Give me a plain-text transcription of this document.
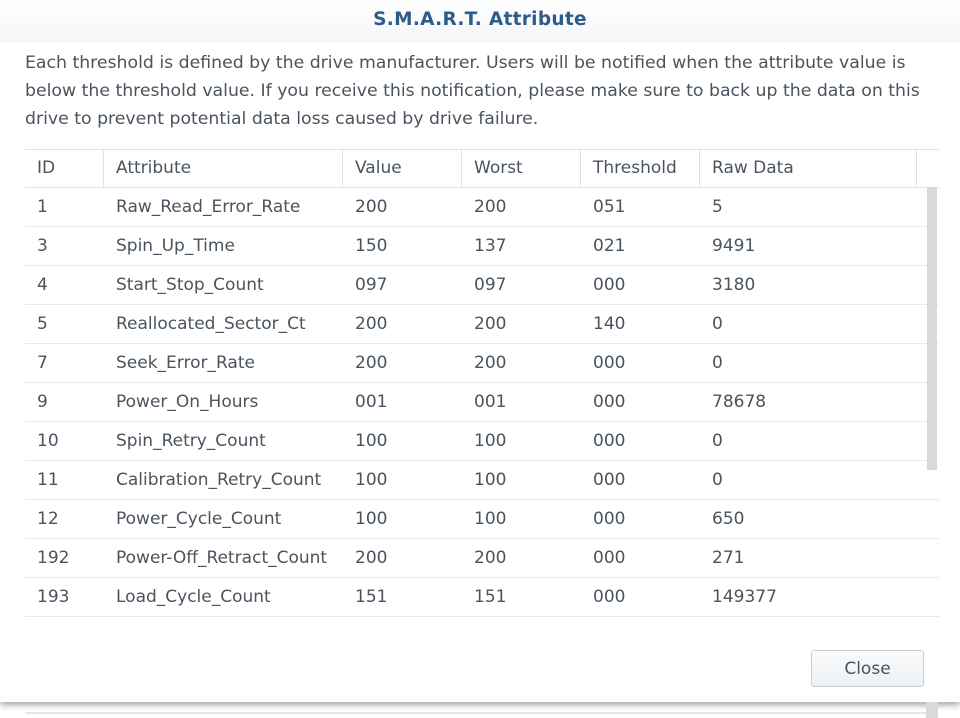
S.M.A.R.T. Attribute
Each threshold is defined by the drive manufacturer. Users will be notified when the attribute value is below the threshold value. If you receive this notification, please make sure to back up the data on this drive to prevent potential data loss caused by drive failure.
ID	Attribute	Value	Worst	Threshold	Raw Data
1	Raw_Read_Error_Rate	200	200	051	5
3	Spin_Up_Time	150	137	021	9491
4	Start_Stop_Count	097	097	000	3180
5	Reallocated_Sector_Ct	200	200	140	0
7	Seek_Error_Rate	200	200	000	0
9	Power_On_Hours	001	001	000	78678
10	Spin_Retry_Count	100	100	000	0
11	Calibration_Retry_Count	100	100	000	0
12	Power_Cycle_Count	100	100	000	650
192	Power-Off_Retract_Count	200	200	000	271
193	Load_Cycle_Count	151	151	000	149377
Close
